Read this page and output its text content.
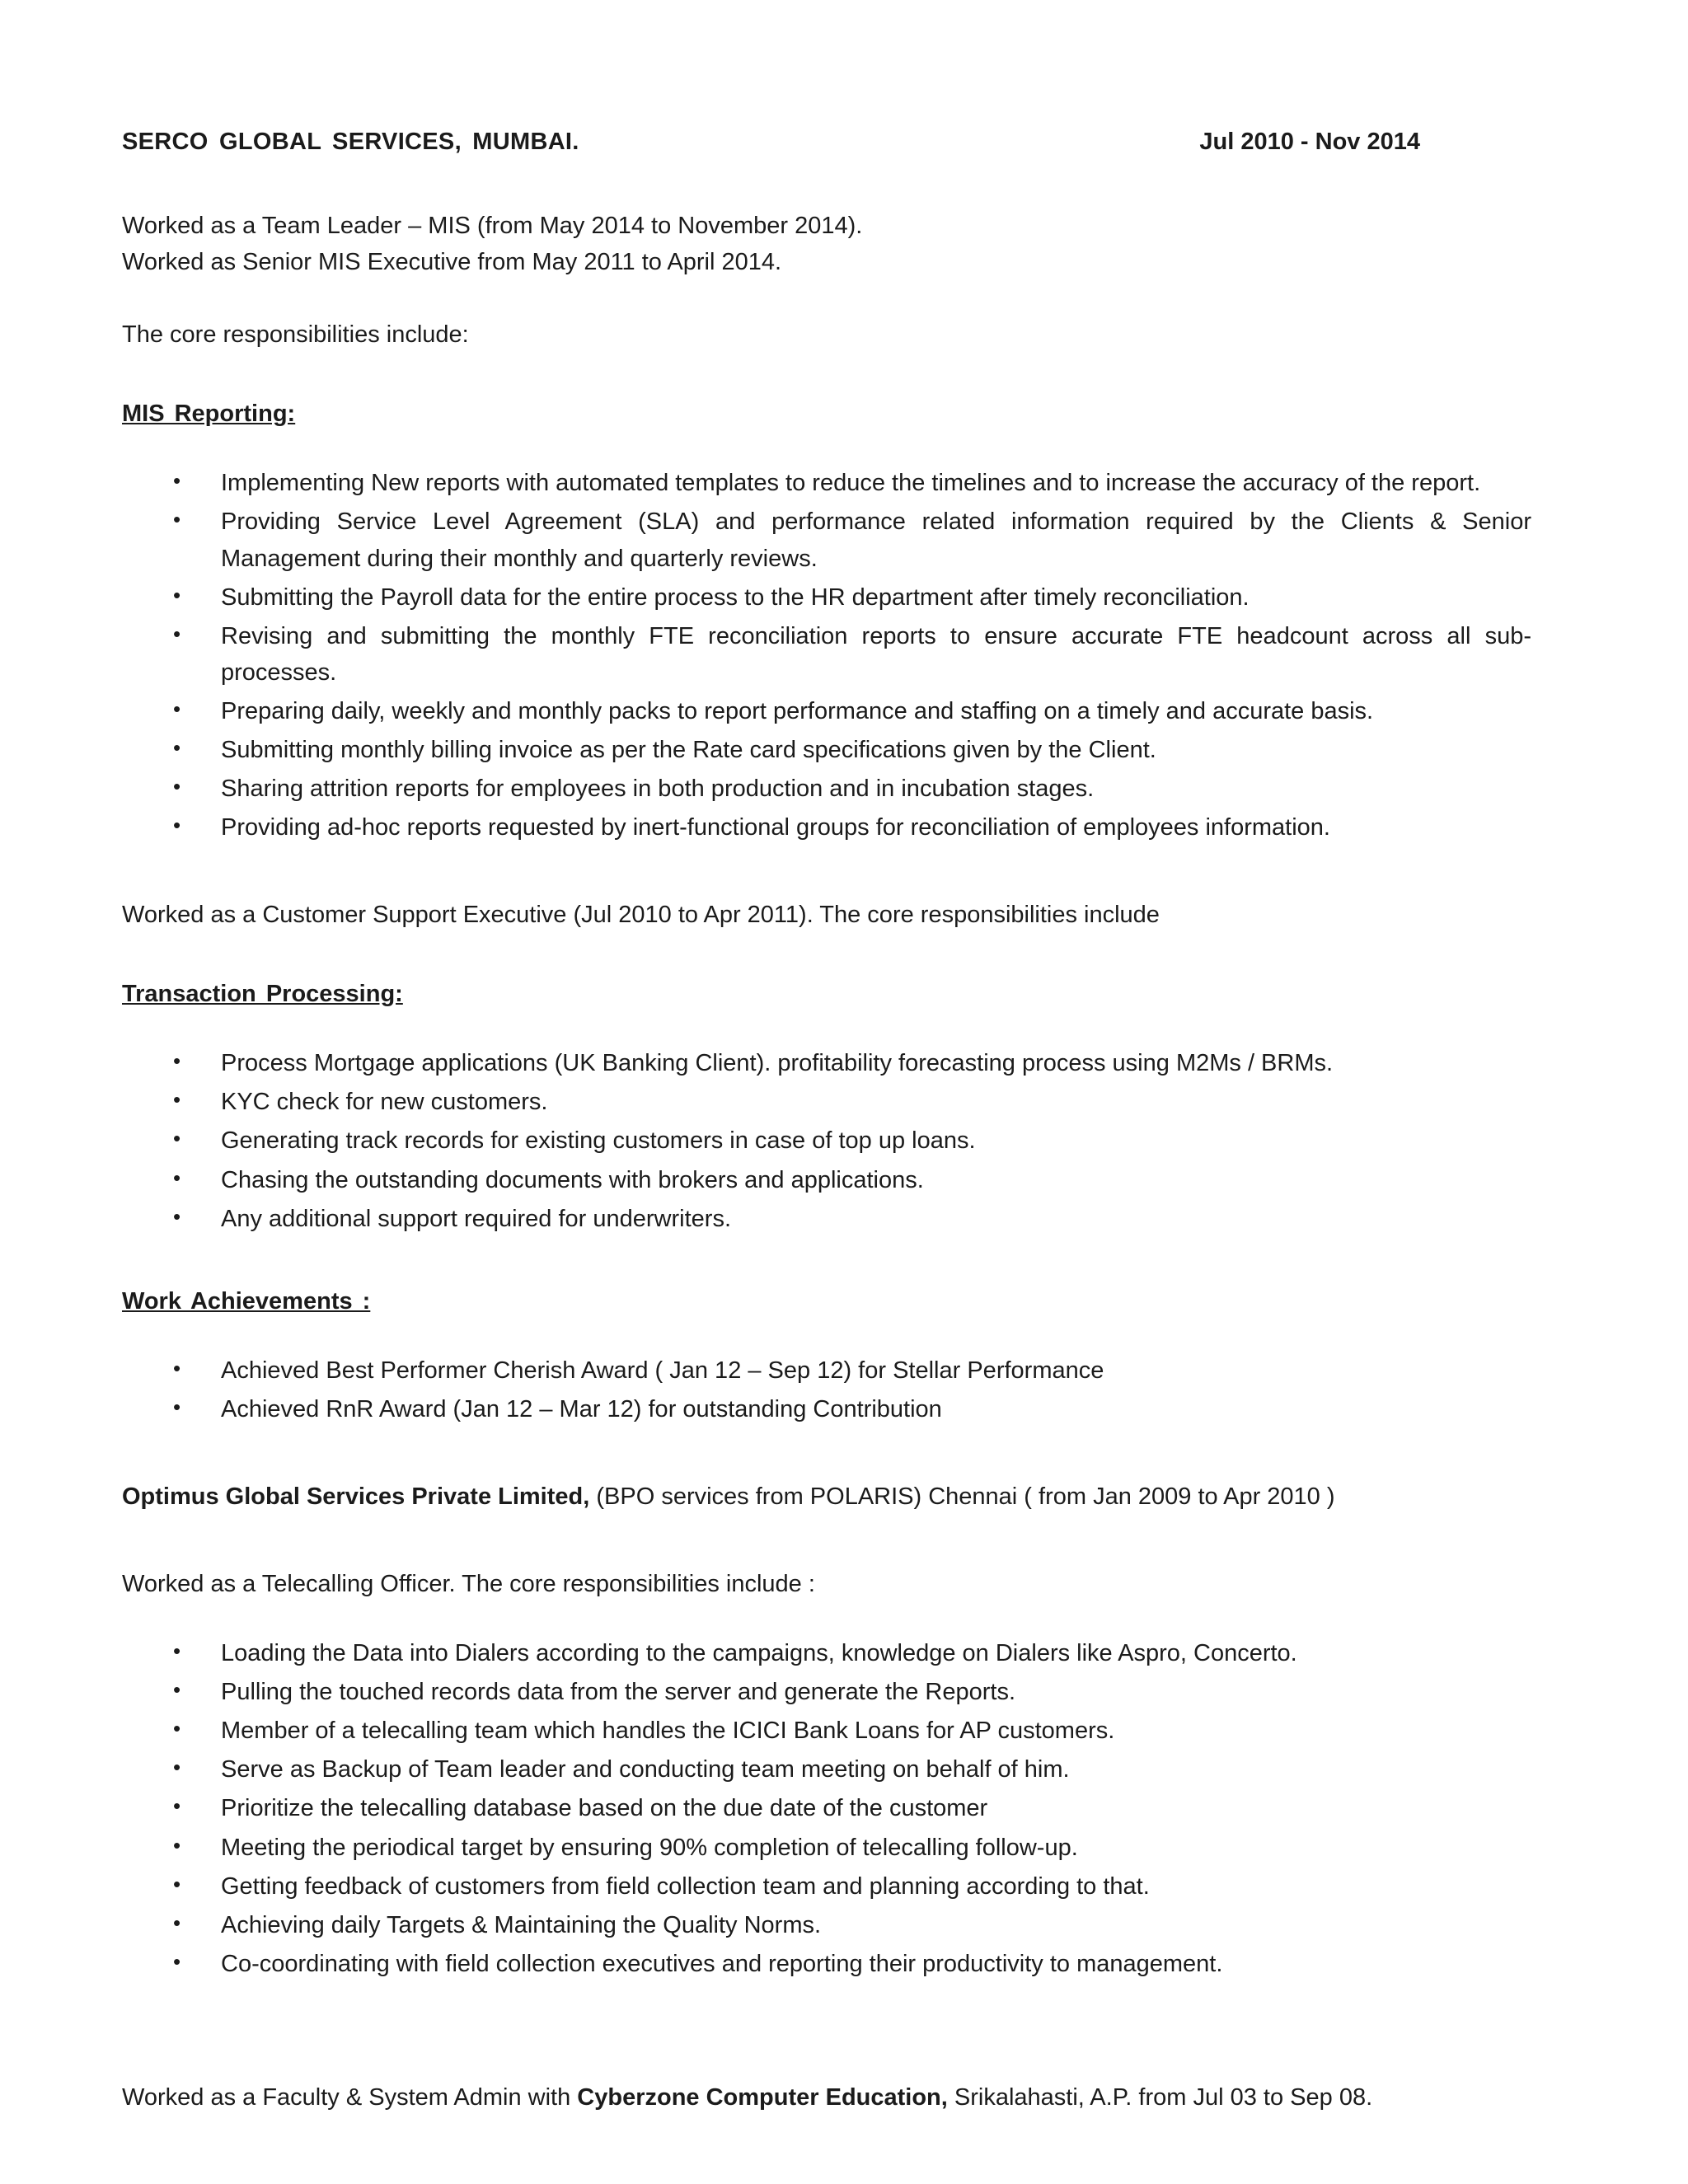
SERCO GLOBAL SERVICES, MUMBAI.	Jul 2010 - Nov 2014

Worked as a Team Leader – MIS (from May 2014 to November 2014).

Worked as Senior MIS Executive from May 2011 to April 2014.

The core responsibilities include:

MIS Reporting:

• Implementing New reports with automated templates to reduce the timelines and to increase the accuracy of the report.
• Providing Service Level Agreement (SLA) and performance related information required by the Clients & Senior Management during their monthly and quarterly reviews.
• Submitting the Payroll data for the entire process to the HR department after timely reconciliation.
• Revising and submitting the monthly FTE reconciliation reports to ensure accurate FTE headcount across all sub-processes.
• Preparing daily, weekly and monthly packs to report performance and staffing on a timely and accurate basis.
• Submitting monthly billing invoice as per the Rate card specifications given by the Client.
• Sharing attrition reports for employees in both production and in incubation stages.
• Providing ad-hoc reports requested by inert-functional groups for reconciliation of employees information.

Worked as a Customer Support Executive (Jul 2010 to Apr 2011). The core responsibilities include

Transaction Processing:

• Process Mortgage applications (UK Banking Client). profitability forecasting process using M2Ms / BRMs.
• KYC check for new customers.
• Generating track records for existing customers in case of top up loans.
• Chasing the outstanding documents with brokers and applications.
• Any additional support required for underwriters.

Work Achievements :

• Achieved Best Performer Cherish Award ( Jan 12 – Sep 12) for Stellar Performance
• Achieved RnR Award (Jan 12 – Mar 12) for outstanding Contribution

Optimus Global Services Private Limited, (BPO services from POLARIS) Chennai ( from Jan 2009 to Apr 2010 )

Worked as a Telecalling Officer. The core responsibilities include :

• Loading the Data into Dialers according to the campaigns, knowledge on Dialers like Aspro, Concerto.
• Pulling the touched records data from the server and generate the Reports.
• Member of a telecalling team which handles the ICICI Bank Loans for AP customers.
• Serve as Backup of Team leader and conducting team meeting on behalf of him.
• Prioritize the telecalling database based on the due date of the customer
• Meeting the periodical target by ensuring 90% completion of telecalling follow-up.
• Getting feedback of customers from field collection team and planning according to that.
• Achieving daily Targets & Maintaining the Quality Norms.
• Co-coordinating with field collection executives and reporting their productivity to management.

Worked as a Faculty & System Admin with Cyberzone Computer Education, Srikalahasti, A.P. from Jul 03 to Sep 08.
